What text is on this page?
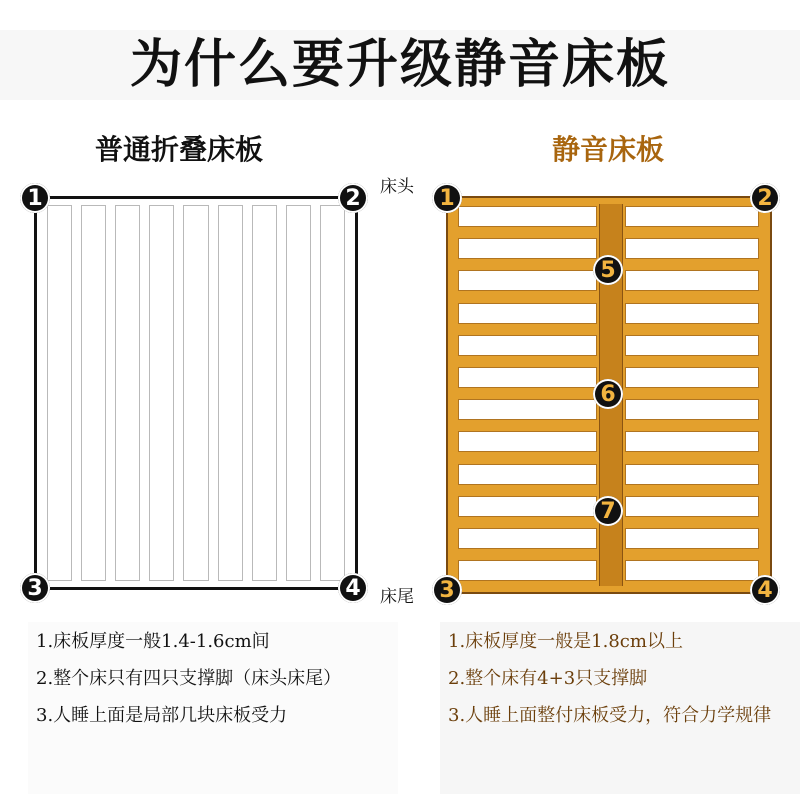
为什么要升级静音床板
普通折叠床板	静音床板
床头
床尾
1	2
3	4
1	2
3	4
5
6
7

1.床板厚度一般1.4-1.6cm间

2.整个床只有四只支撑脚（床头床尾）

3.人睡上面是局部几块床板受力

1.床板厚度一般是1.8cm以上

2.整个床有4+3只支撑脚

3.人睡上面整付床板受力，符合力学规律
